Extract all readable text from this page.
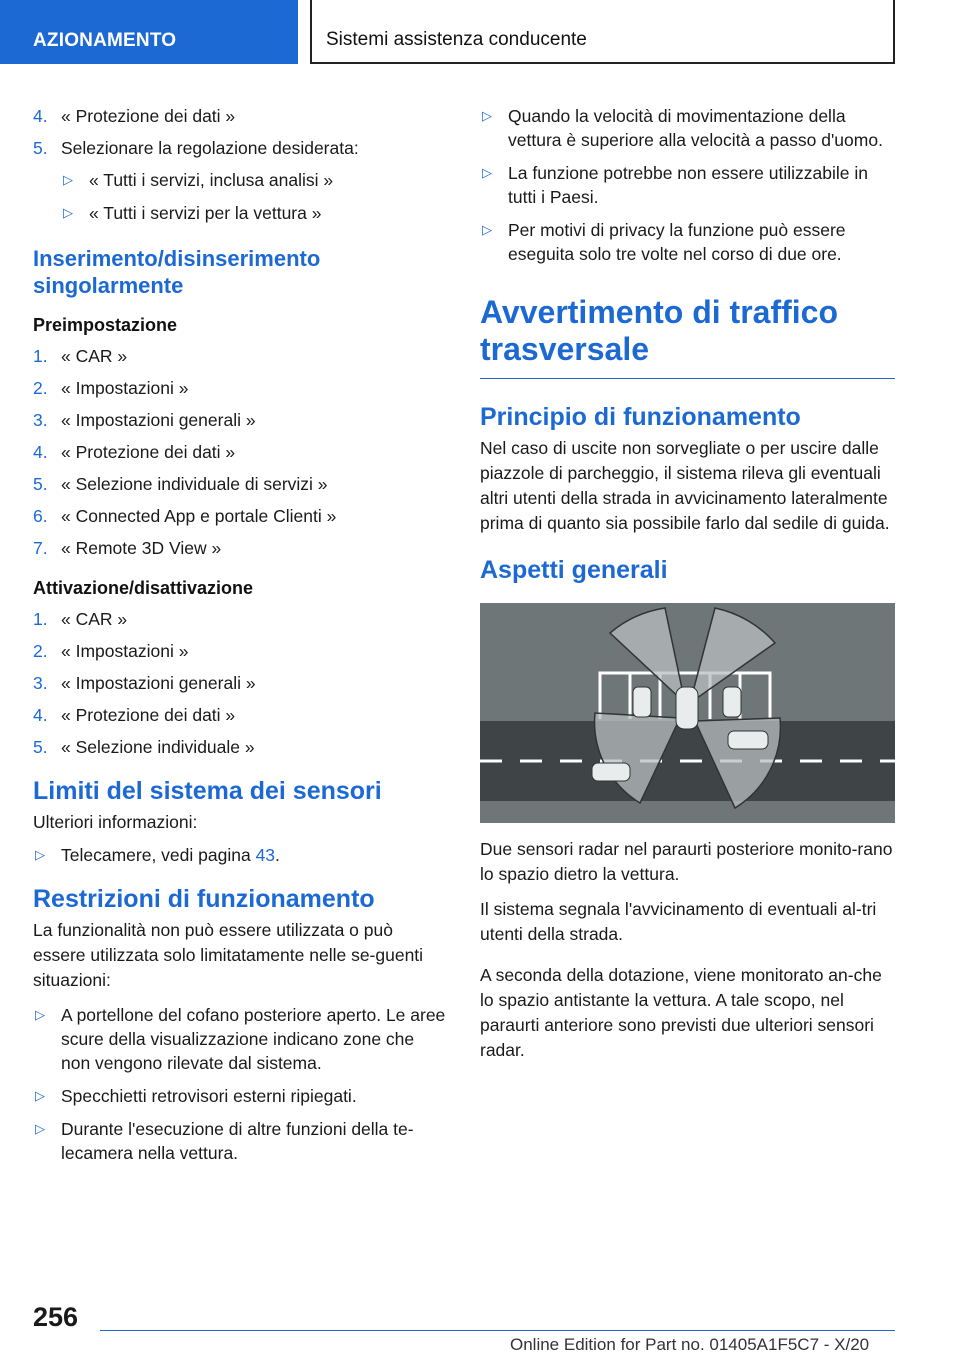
AZIONAMENTO	Sistemi assistenza conducente
4. « Protezione dei dati »
5. Selezionare la regolazione desiderata:
▷ « Tutti i servizi, inclusa analisi »
▷ « Tutti i servizi per la vettura »
Inserimento/disinserimento singolarmente
Preimpostazione
1. « CAR »
2. « Impostazioni »
3. « Impostazioni generali »
4. « Protezione dei dati »
5. « Selezione individuale di servizi »
6. « Connected App e portale Clienti »
7. « Remote 3D View »
Attivazione/disattivazione
1. « CAR »
2. « Impostazioni »
3. « Impostazioni generali »
4. « Protezione dei dati »
5. « Selezione individuale »
Limiti del sistema dei sensori

Ulteriori informazioni:

▷ Telecamere, vedi pagina 43.
Restrizioni di funzionamento

La funzionalità non può essere utilizzata o può essere utilizzata solo limitatamente nelle se-guenti situazioni:

▷ A portellone del cofano posteriore aperto. Le aree scure della visualizzazione indicano zone che non vengono rilevate dal sistema.
▷ Specchietti retrovisori esterni ripiegati.
▷ Durante l'esecuzione di altre funzioni della te-lecamera nella vettura.
▷ Quando la velocità di movimentazione della vettura è superiore alla velocità a passo d'uomo.
▷ La funzione potrebbe non essere utilizzabile in tutti i Paesi.
▷ Per motivi di privacy la funzione può essere eseguita solo tre volte nel corso di due ore.
Avvertimento di traffico trasversale
Principio di funzionamento

Nel caso di uscite non sorvegliate o per uscire dalle piazzole di parcheggio, il sistema rileva gli eventuali altri utenti della strada in avvicinamento lateralmente prima di quanto sia possibile farlo dal sedile di guida.

Aspetti generali

Due sensori radar nel paraurti posteriore monito-rano lo spazio dietro la vettura.

Il sistema segnala l'avvicinamento di eventuali al-tri utenti della strada.

A seconda della dotazione, viene monitorato an-che lo spazio antistante la vettura. A tale scopo, nel paraurti anteriore sono previsti due ulteriori sensori radar.

256
Online Edition for Part no. 01405A1F5C7 - X/20
